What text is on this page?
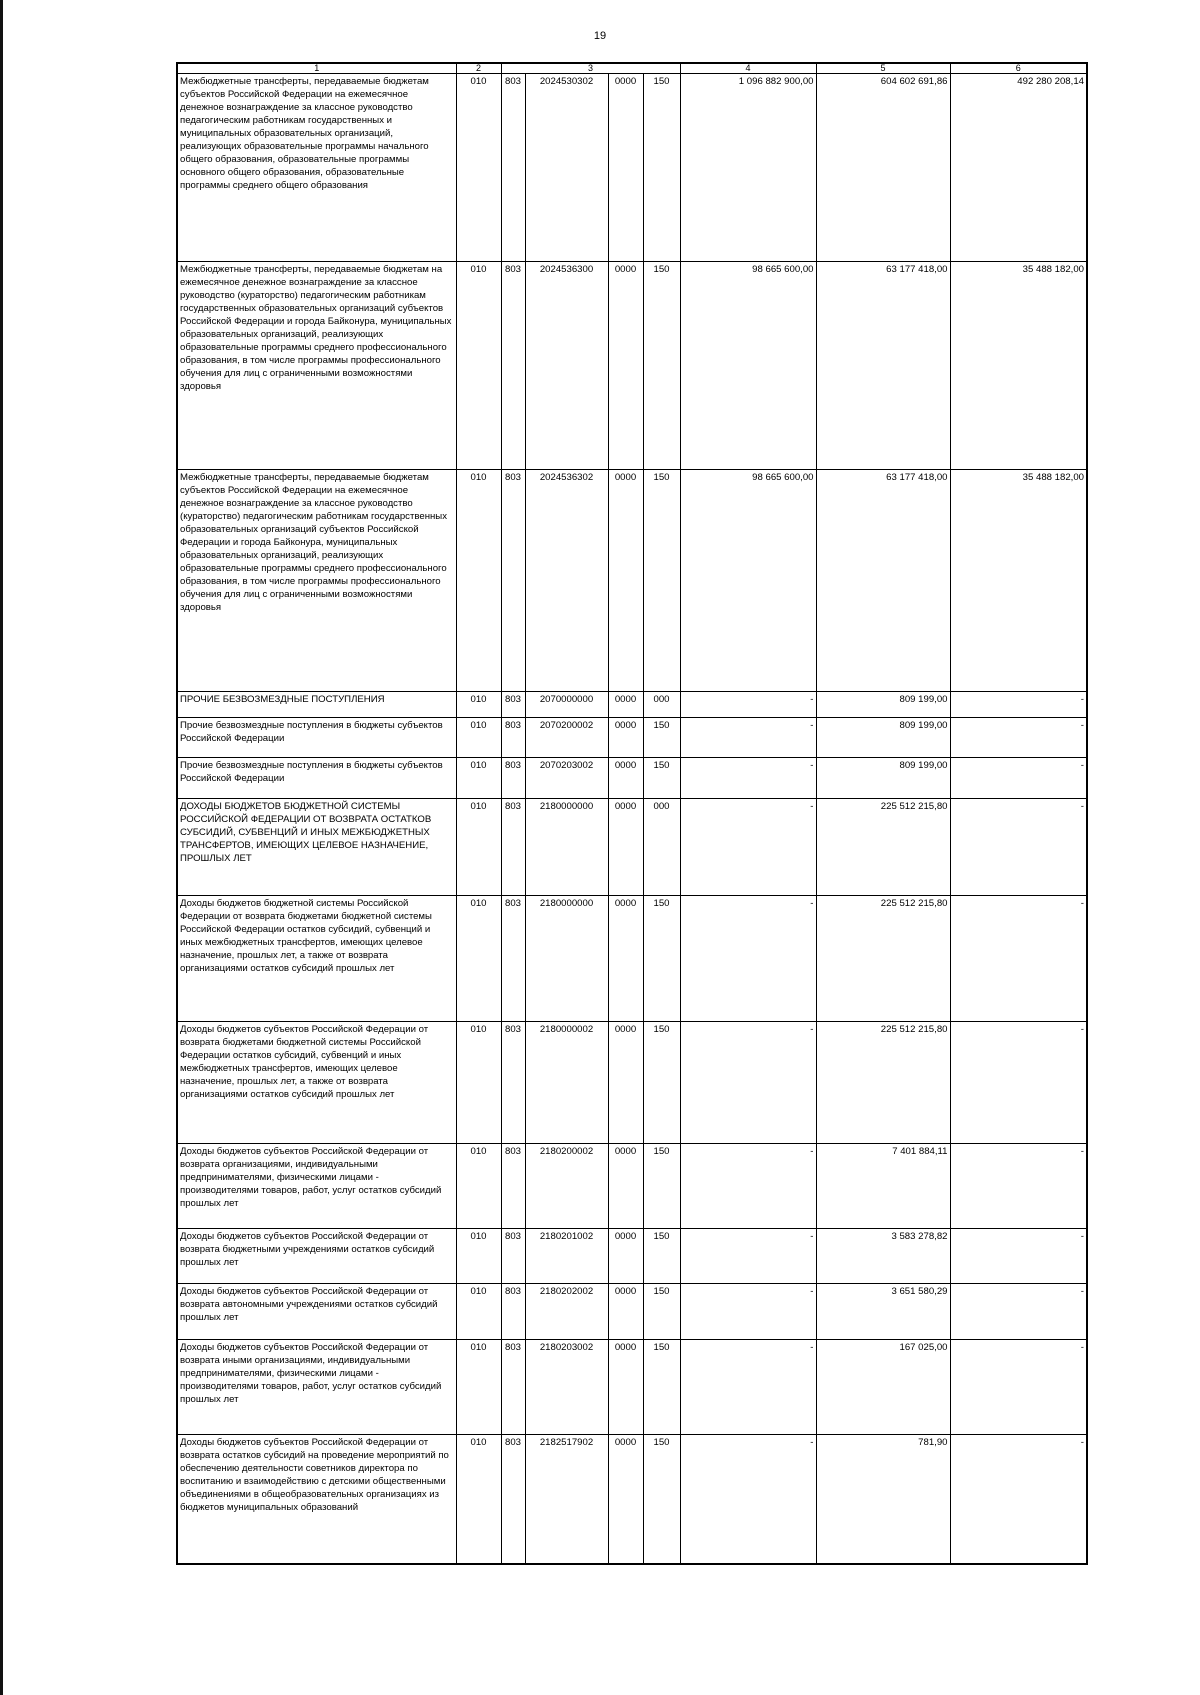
19
1	2	3				4	5	6
Межбюджетные трансферты, передаваемые бюджетам субъектов Российской Федерации на ежемесячное денежное вознаграждение за классное руководство педагогическим работникам государственных и муниципальных образовательных организаций, реализующих образовательные программы начального общего образования, образовательные программы основного общего образования, образовательные программы среднего общего образования	010	803	2024530302	0000	150	1 096 882 900,00	604 602 691,86	492 280 208,14
Межбюджетные трансферты, передаваемые бюджетам на ежемесячное денежное вознаграждение за классное руководство (кураторство) педагогическим работникам государственных образовательных организаций субъектов Российской Федерации и города Байконура, муниципальных образовательных организаций, реализующих образовательные программы среднего профессионального образования, в том числе программы профессионального обучения для лиц с ограниченными возможностями здоровья	010	803	2024536300	0000	150	98 665 600,00	63 177 418,00	35 488 182,00
Межбюджетные трансферты, передаваемые бюджетам субъектов Российской Федерации на ежемесячное денежное вознаграждение за классное руководство (кураторство) педагогическим работникам государственных образовательных организаций субъектов Российской Федерации и города Байконура, муниципальных образовательных организаций, реализующих образовательные программы среднего профессионального образования, в том числе программы профессионального обучения для лиц с ограниченными возможностями здоровья	010	803	2024536302	0000	150	98 665 600,00	63 177 418,00	35 488 182,00
ПРОЧИЕ БЕЗВОЗМЕЗДНЫЕ ПОСТУПЛЕНИЯ	010	803	2070000000	0000	000	-	809 199,00	-
Прочие безвозмездные поступления в бюджеты субъектов Российской Федерации	010	803	2070200002	0000	150	-	809 199,00	-
Прочие безвозмездные поступления в бюджеты субъектов Российской Федерации	010	803	2070203002	0000	150	-	809 199,00	-
ДОХОДЫ БЮДЖЕТОВ БЮДЖЕТНОЙ СИСТЕМЫ РОССИЙСКОЙ ФЕДЕРАЦИИ ОТ ВОЗВРАТА ОСТАТКОВ СУБСИДИЙ, СУБВЕНЦИЙ И ИНЫХ МЕЖБЮДЖЕТНЫХ ТРАНСФЕРТОВ, ИМЕЮЩИХ ЦЕЛЕВОЕ НАЗНАЧЕНИЕ, ПРОШЛЫХ ЛЕТ	010	803	2180000000	0000	000	-	225 512 215,80	-
Доходы бюджетов бюджетной системы Российской Федерации от возврата бюджетами бюджетной системы Российской Федерации остатков субсидий, субвенций и иных межбюджетных трансфертов, имеющих целевое назначение, прошлых лет, а также от возврата организациями остатков субсидий прошлых лет	010	803	2180000000	0000	150	-	225 512 215,80	-
Доходы бюджетов субъектов Российской Федерации от возврата бюджетами бюджетной системы Российской Федерации остатков субсидий, субвенций и иных межбюджетных трансфертов, имеющих целевое назначение, прошлых лет, а также от возврата организациями остатков субсидий прошлых лет	010	803	2180000002	0000	150	-	225 512 215,80	-
Доходы бюджетов субъектов Российской Федерации от возврата организациями, индивидуальными предпринимателями, физическими лицами - производителями товаров, работ, услуг остатков субсидий прошлых лет	010	803	2180200002	0000	150	-	7 401 884,11	-
Доходы бюджетов субъектов Российской Федерации от возврата бюджетными учреждениями остатков субсидий прошлых лет	010	803	2180201002	0000	150	-	3 583 278,82	-
Доходы бюджетов субъектов Российской Федерации от возврата автономными учреждениями остатков субсидий прошлых лет	010	803	2180202002	0000	150	-	3 651 580,29	-
Доходы бюджетов субъектов Российской Федерации от возврата иными организациями, индивидуальными предпринимателями, физическими лицами - производителями товаров, работ, услуг остатков субсидий прошлых лет	010	803	2180203002	0000	150	-	167 025,00	-
Доходы бюджетов субъектов Российской Федерации от возврата остатков субсидий на проведение мероприятий по обеспечению деятельности советников директора по воспитанию и взаимодействию с детскими общественными объединениями в общеобразовательных организациях из бюджетов муниципальных образований	010	803	2182517902	0000	150	-	781,90	-
